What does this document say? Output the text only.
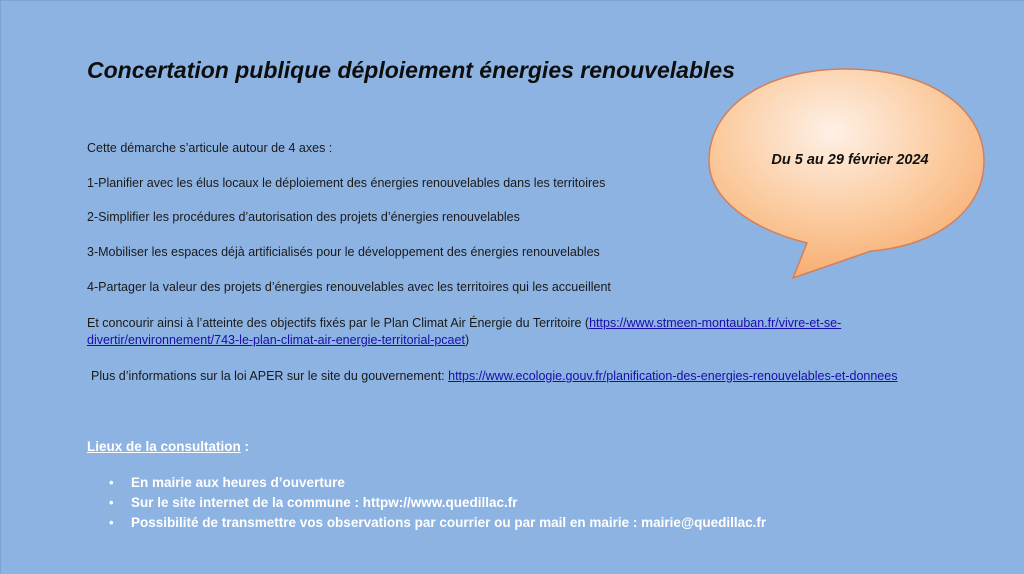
Concertation publique déploiement énergies renouvelables
Du 5 au 29 février 2024
Cette démarche s’articule autour de 4 axes :
1-Planifier avec les élus locaux le déploiement des énergies renouvelables dans les territoires
2-Simplifier les procédures d’autorisation des projets d’énergies renouvelables
3-Mobiliser les espaces déjà artificialisés pour le développement des énergies renouvelables
4-Partager la valeur des projets d’énergies renouvelables avec les territoires qui les accueillent
Et concourir ainsi à l’atteinte des objectifs fixés par le Plan Climat Air Énergie du Territoire (https://www.stmeen-montauban.fr/vivre-et-se-
divertir/environnement/743-le-plan-climat-air-energie-territorial-pcaet)
Plus d’informations sur la loi APER sur le site du gouvernement: https://www.ecologie.gouv.fr/planification-des-energies-renouvelables-et-donnees
Lieux de la consultation :
• En mairie aux heures d’ouverture
• Sur le site internet de la commune : httpw://www.quedillac.fr
• Possibilité de transmettre vos observations par courrier ou par mail en mairie : mairie@quedillac.fr
